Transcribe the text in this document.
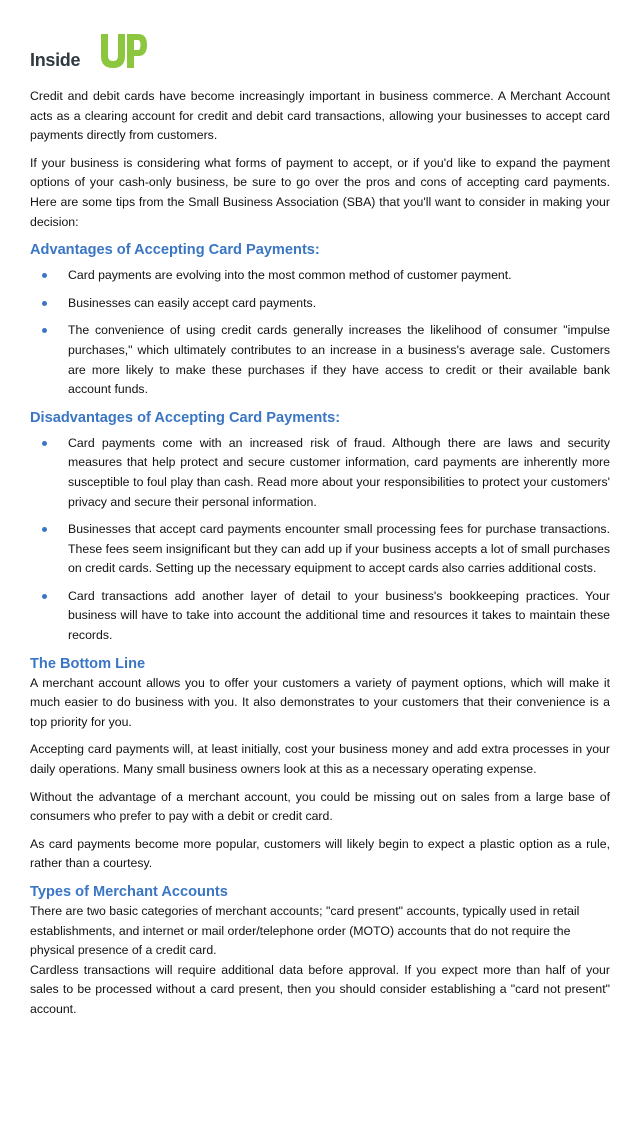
Inside

Credit and debit cards have become increasingly important in business commerce. A Merchant Account acts as a clearing account for credit and debit card transactions, allowing your businesses to accept card payments directly from customers.

If your business is considering what forms of payment to accept, or if you'd like to expand the payment options of your cash-only business, be sure to go over the pros and cons of accepting card payments. Here are some tips from the Small Business Association (SBA) that you'll want to consider in making your decision:

Advantages of Accepting Card Payments:
Card payments are evolving into the most common method of customer payment.
Businesses can easily accept card payments.
The convenience of using credit cards generally increases the likelihood of consumer "impulse purchases," which ultimately contributes to an increase in a business's average sale. Customers are more likely to make these purchases if they have access to credit or their available bank account funds.
Disadvantages of Accepting Card Payments:
Card payments come with an increased risk of fraud. Although there are laws and security measures that help protect and secure customer information, card payments are inherently more susceptible to foul play than cash. Read more about your responsibilities to protect your customers' privacy and secure their personal information.
Businesses that accept card payments encounter small processing fees for purchase transactions. These fees seem insignificant but they can add up if your business accepts a lot of small purchases on credit cards. Setting up the necessary equipment to accept cards also carries additional costs.
Card transactions add another layer of detail to your business's bookkeeping practices. Your business will have to take into account the additional time and resources it takes to maintain these records.
The Bottom Line

A merchant account allows you to offer your customers a variety of payment options, which will make it much easier to do business with you. It also demonstrates to your customers that their convenience is a top priority for you.

Accepting card payments will, at least initially, cost your business money and add extra processes in your daily operations. Many small business owners look at this as a necessary operating expense.

Without the advantage of a merchant account, you could be missing out on sales from a large base of consumers who prefer to pay with a debit or credit card.

As card payments become more popular, customers will likely begin to expect a plastic option as a rule, rather than a courtesy.

Types of Merchant Accounts

There are two basic categories of merchant accounts; "card present" accounts, typically used in retail establishments, and internet or mail order/telephone order (MOTO) accounts that do not require the physical presence of a credit card.

Cardless transactions will require additional data before approval. If you expect more than half of your sales to be processed without a card present, then you should consider establishing a "card not present" account.
